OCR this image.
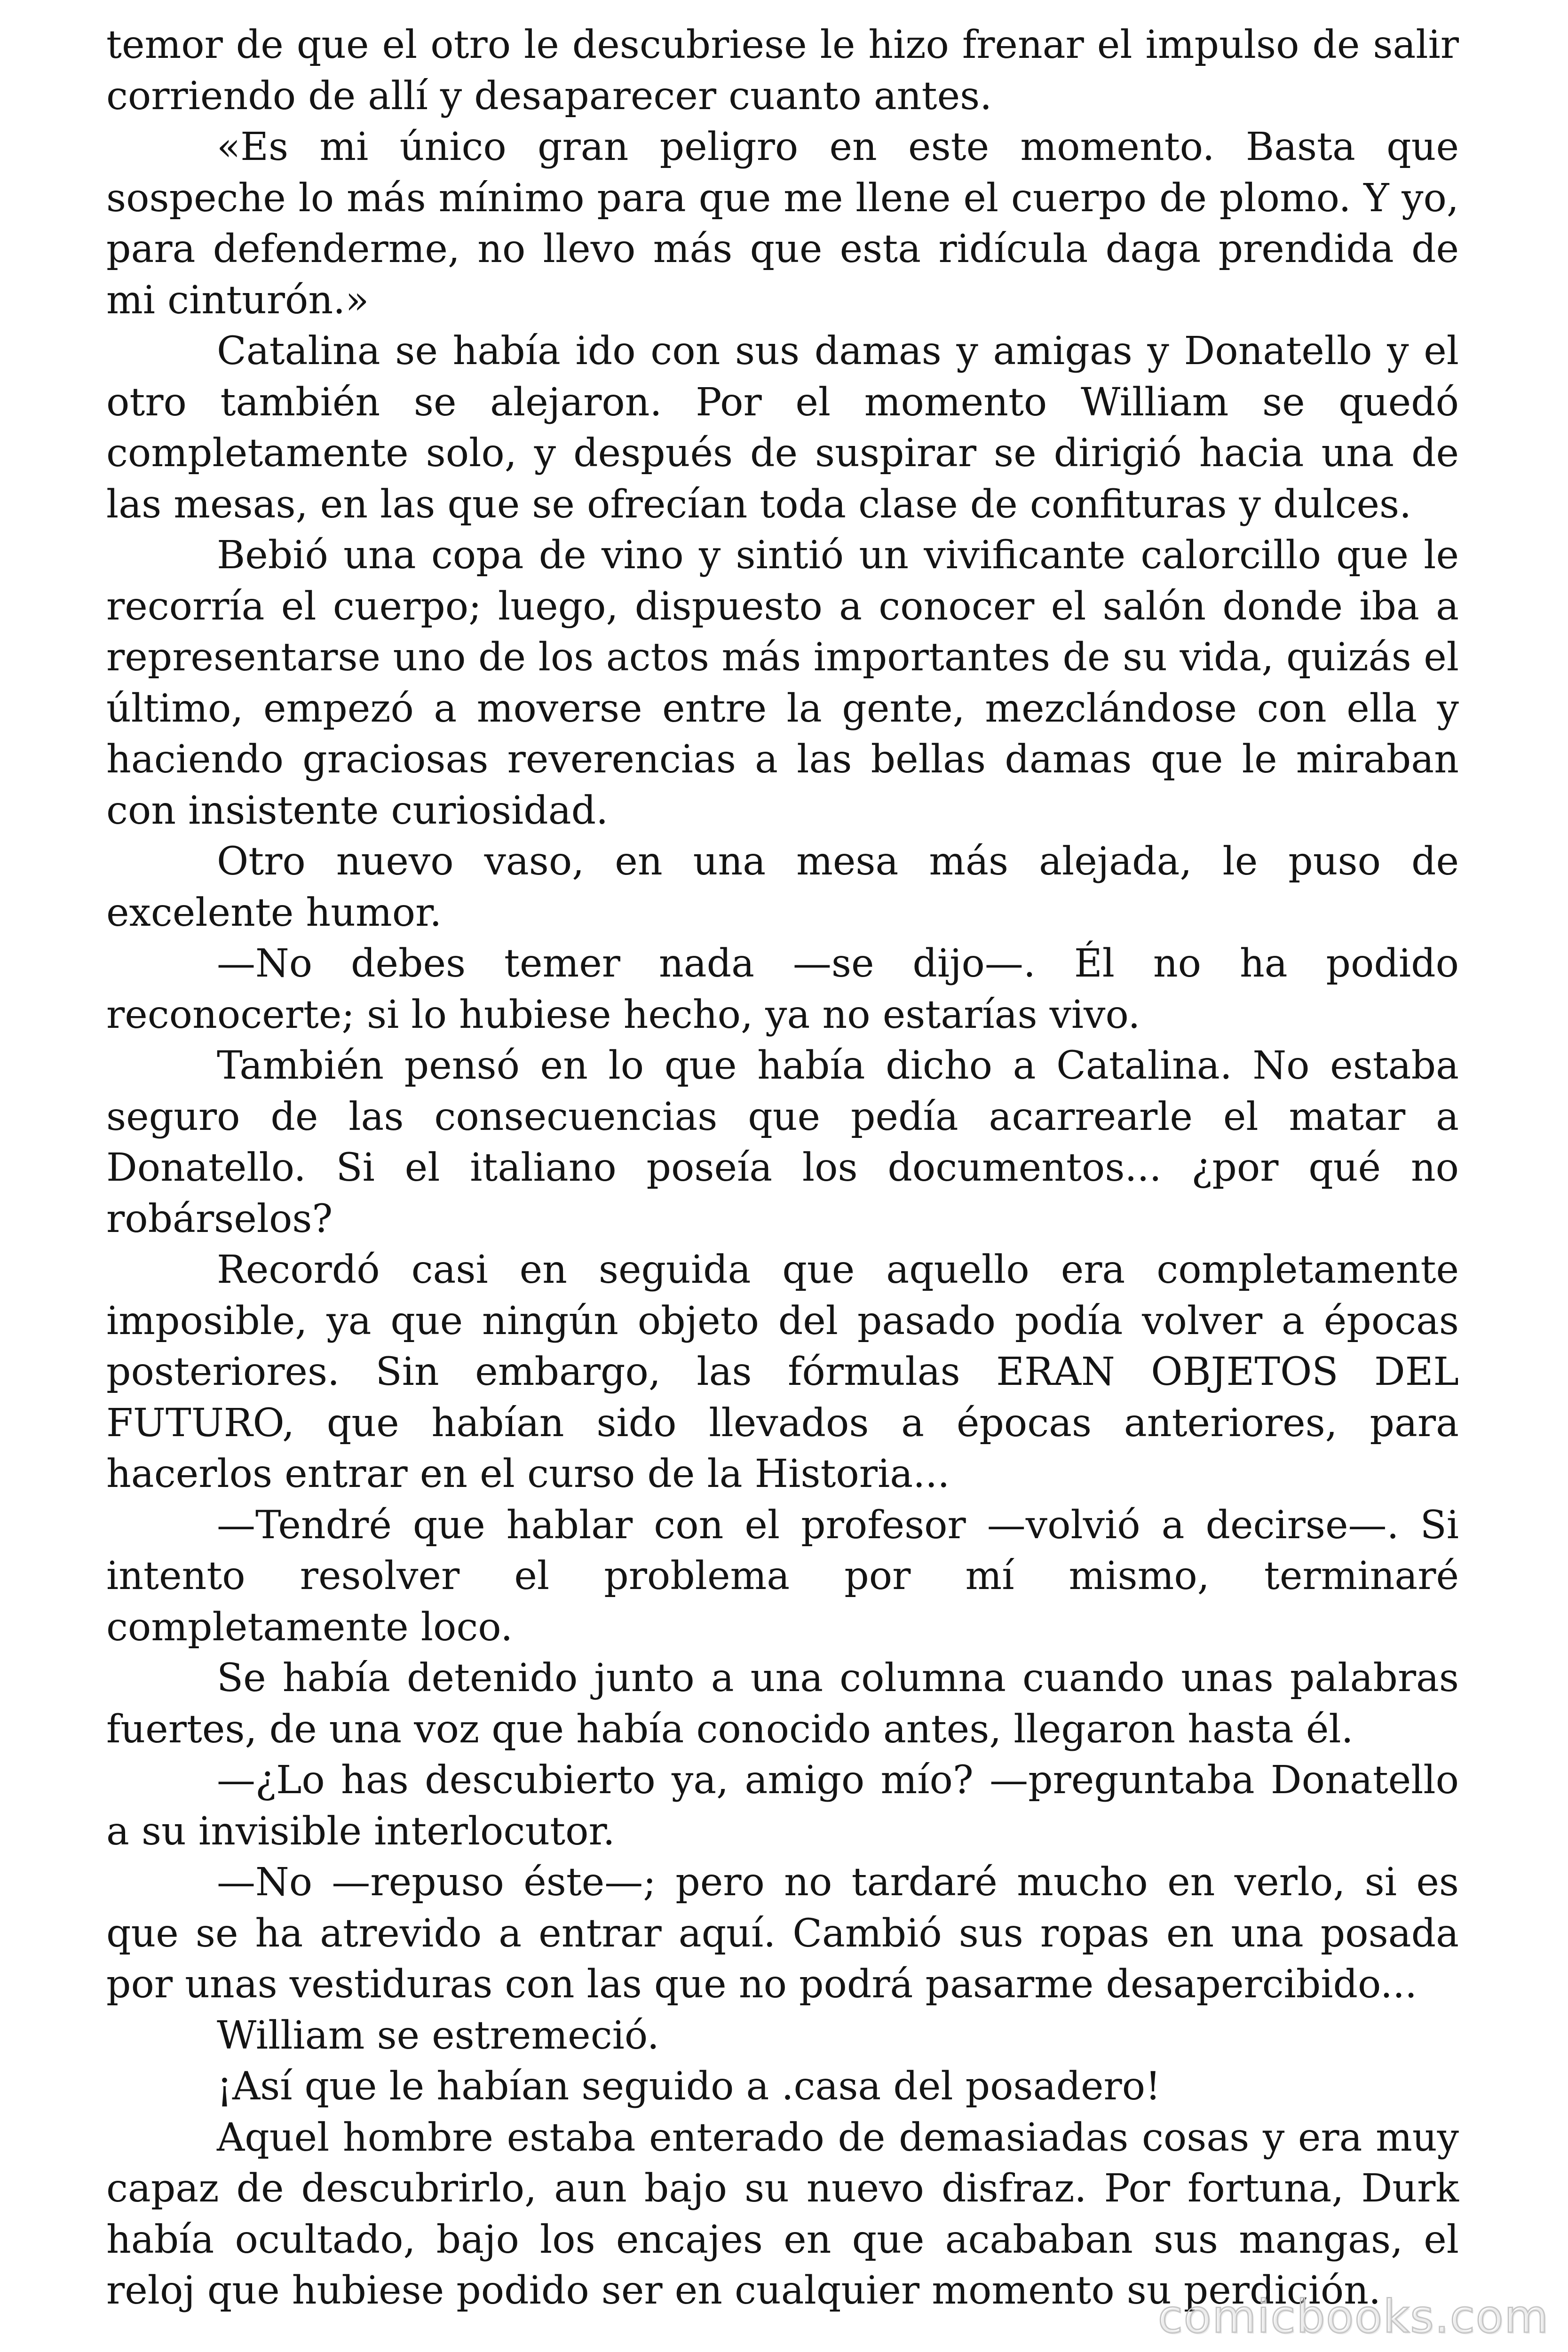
temor de que el otro le descubriese le hizo frenar el impulso de salir corriendo de allí y desaparecer cuanto antes.

«Es mi único gran peligro en este momento. Basta que sospeche lo más mínimo para que me llene el cuerpo de plomo. Y yo, para defenderme, no llevo más que esta ridícula daga prendida de mi cinturón.»

Catalina se había ido con sus damas y amigas y Donatello y el otro también se alejaron. Por el momento William se quedó completamente solo, y después de suspirar se dirigió hacia una de las mesas, en las que se ofrecían toda clase de confituras y dulces.

Bebió una copa de vino y sintió un vivificante calorcillo que le recorría el cuerpo; luego, dispuesto a conocer el salón donde iba a representarse uno de los actos más importantes de su vida, quizás el último, empezó a moverse entre la gente, mezclándose con ella y haciendo graciosas reverencias a las bellas damas que le miraban con insistente curiosidad.

Otro nuevo vaso, en una mesa más alejada, le puso de excelente humor.

—No debes temer nada —se dijo—. Él no ha podido reconocerte; si lo hubiese hecho, ya no estarías vivo.

También pensó en lo que había dicho a Catalina. No estaba seguro de las consecuencias que pedía acarrearle el matar a Donatello. Si el italiano poseía los documentos... ¿por qué no robárselos?

Recordó casi en seguida que aquello era completamente imposible, ya que ningún objeto del pasado podía volver a épocas posteriores. Sin embargo, las fórmulas ERAN OBJETOS DEL FUTURO, que habían sido llevados a épocas anteriores, para hacerlos entrar en el curso de la Historia...

—Tendré que hablar con el profesor —volvió a decirse—. Si intento resolver el problema por mí mismo, terminaré completamente loco.

Se había detenido junto a una columna cuando unas palabras fuertes, de una voz que había conocido antes, llegaron hasta él.

—¿Lo has descubierto ya, amigo mío? —preguntaba Donatello a su invisible interlocutor.

—No —repuso éste—; pero no tardaré mucho en verlo, si es que se ha atrevido a entrar aquí. Cambió sus ropas en una posada por unas vestiduras con las que no podrá pasarme desapercibido...

William se estremeció.

¡Así que le habían seguido a .casa del posadero!

Aquel hombre estaba enterado de demasiadas cosas y era muy capaz de descubrirlo, aun bajo su nuevo disfraz. Por fortuna, Durk había ocultado, bajo los encajes en que acababan sus mangas, el reloj que hubiese podido ser en cualquier momento su perdición.

comicbooks.com
